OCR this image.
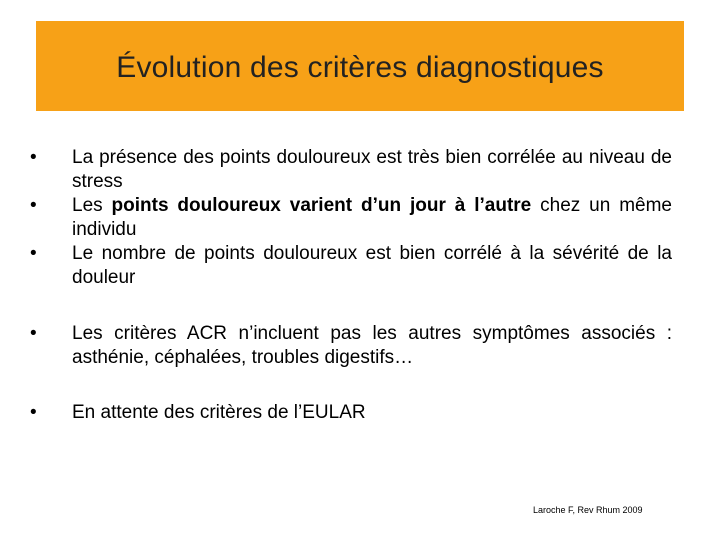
Évolution des critères diagnostiques
•	La présence des points douloureux est très bien corrélée au niveau de stress
•	Les points douloureux varient d’un jour à l’autre chez un même individu
•	Le nombre de points douloureux est bien corrélé à la sévérité de la douleur
•	Les critères ACR n’incluent pas les autres symptômes associés : asthénie, céphalées, troubles digestifs…
•	En attente des critères de l’EULAR
Laroche F, Rev Rhum 2009
